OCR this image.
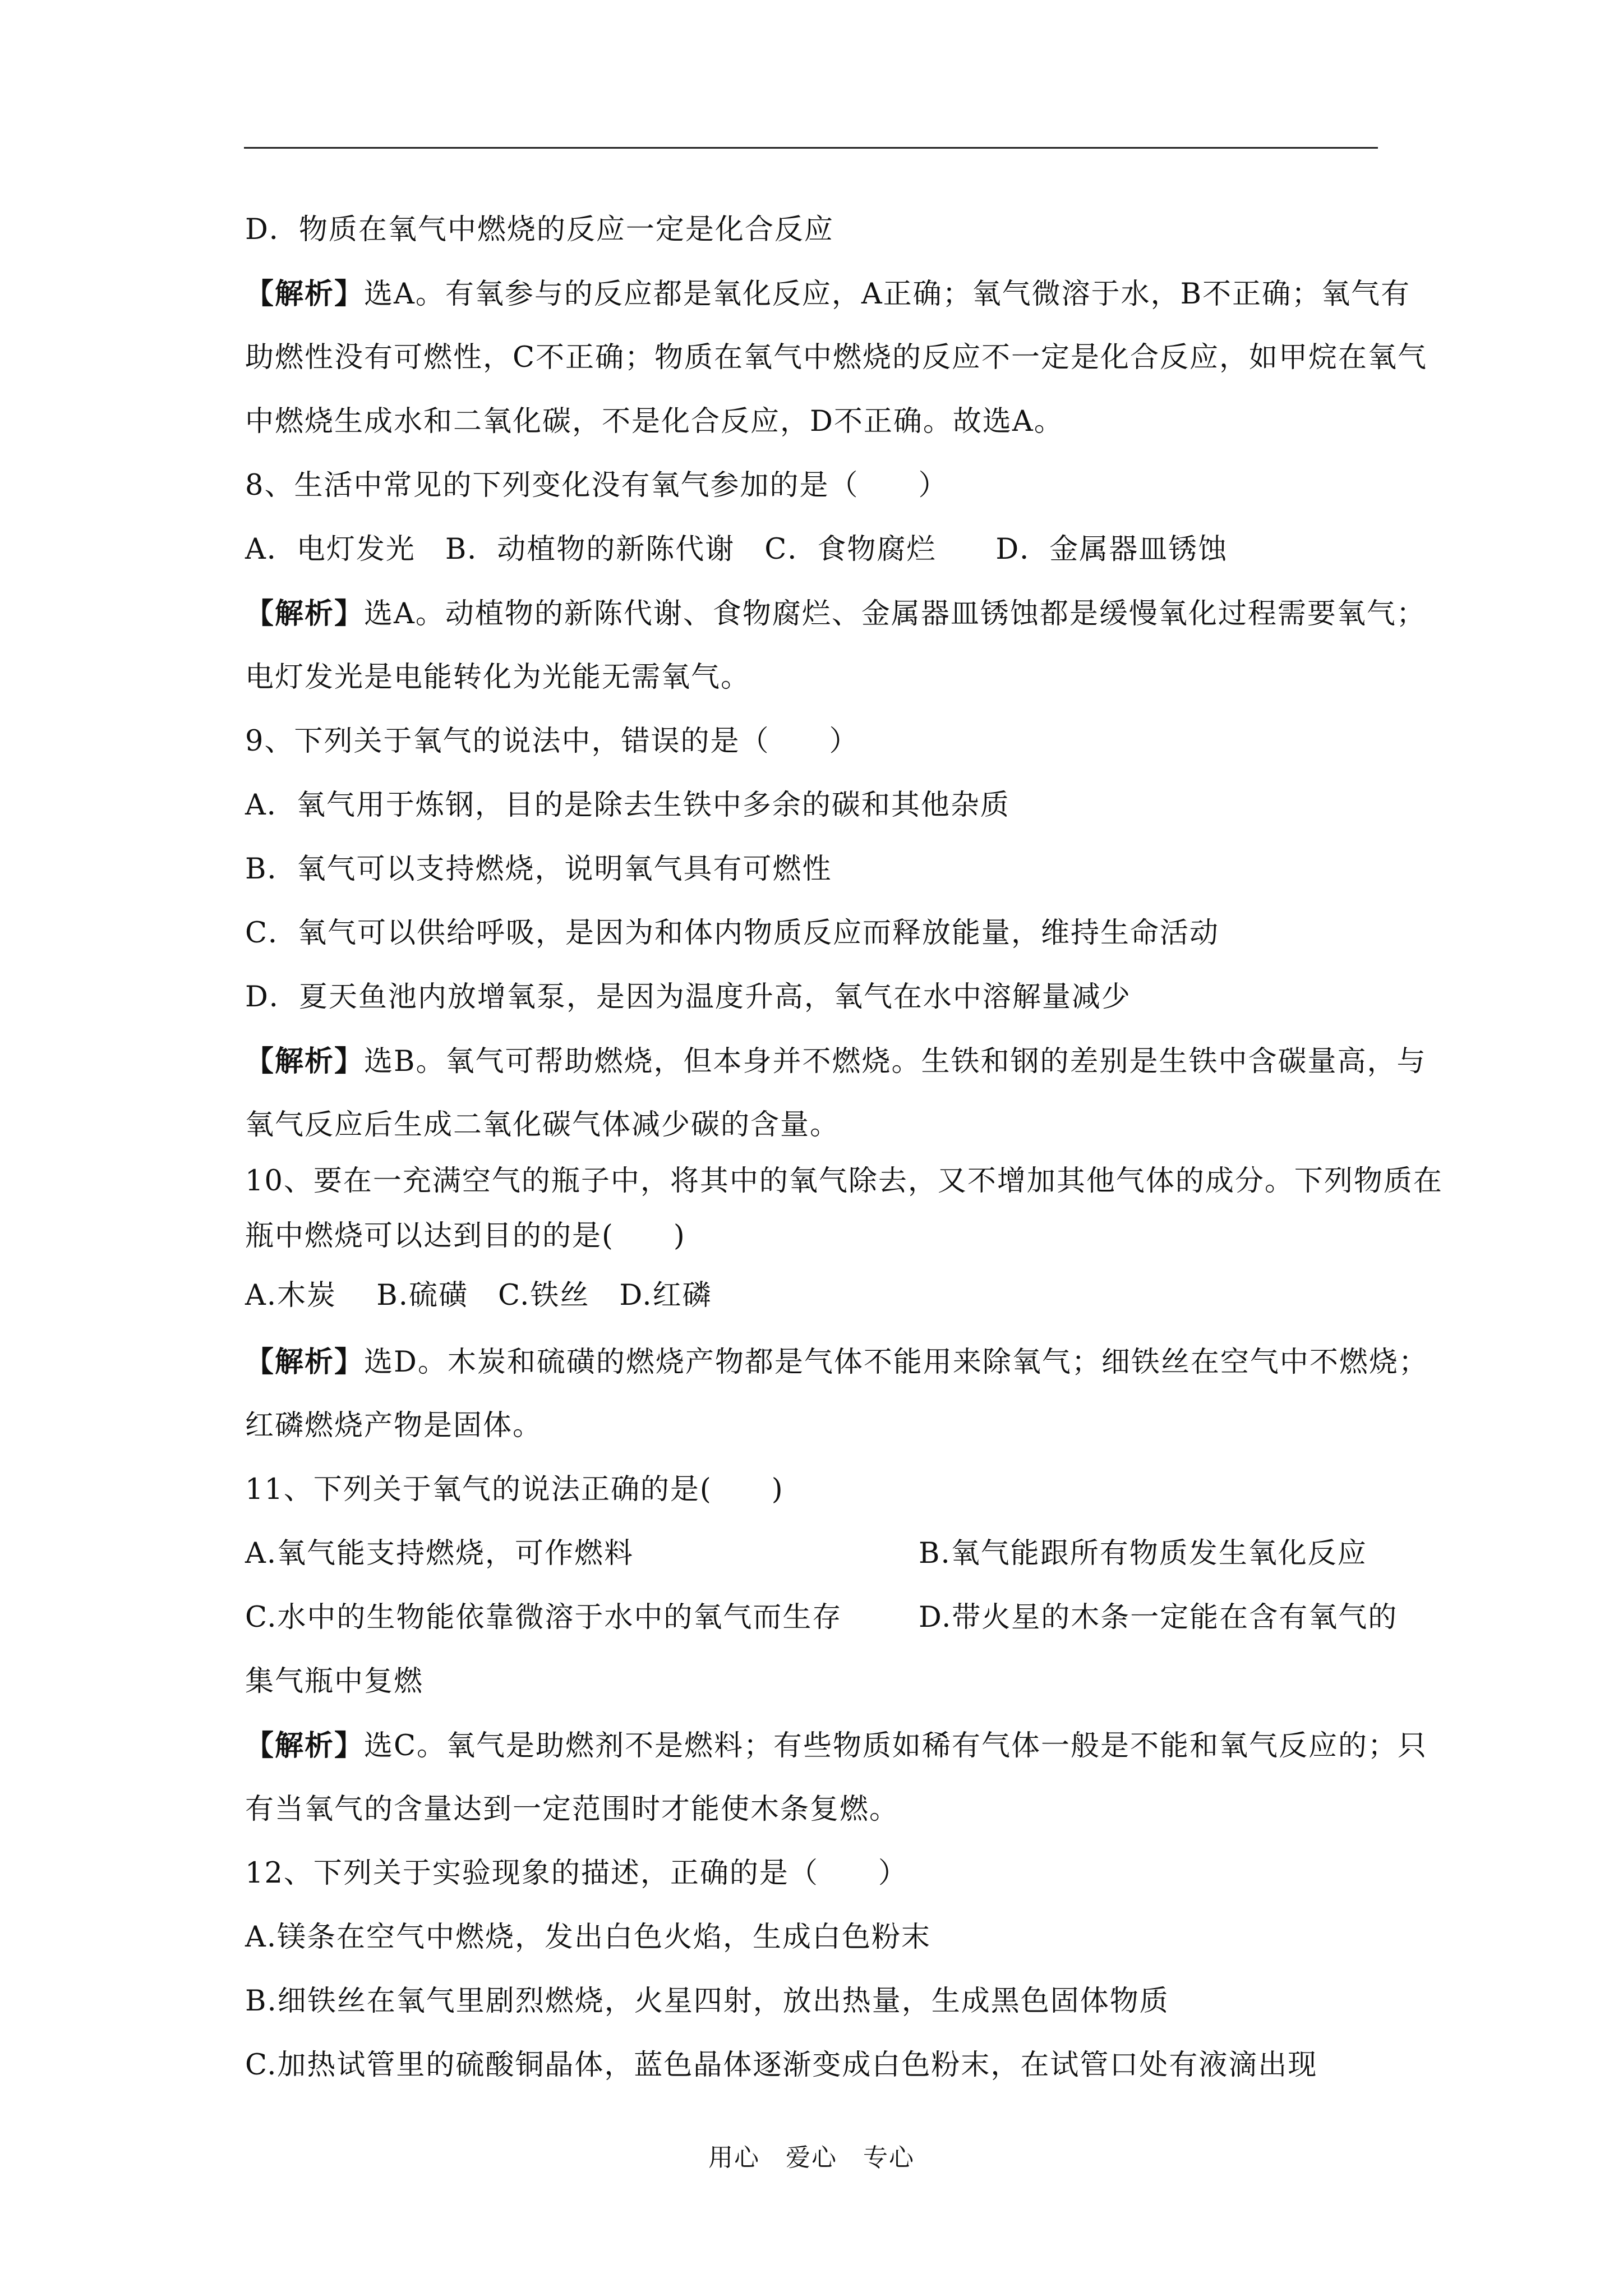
D．物质在氧气中燃烧的反应一定是化合反应
【解析】选A。有氧参与的反应都是氧化反应，A正确；氧气微溶于水，B不正确；氧气有
助燃性没有可燃性，C不正确；物质在氧气中燃烧的反应不一定是化合反应，如甲烷在氧气
中燃烧生成水和二氧化碳，不是化合反应，D不正确。故选A。
8、生活中常见的下列变化没有氧气参加的是（　　）
A．电灯发光　B．动植物的新陈代谢　C．食物腐烂　　D．金属器皿锈蚀
【解析】选A。动植物的新陈代谢、食物腐烂、金属器皿锈蚀都是缓慢氧化过程需要氧气；
电灯发光是电能转化为光能无需氧气。
9、下列关于氧气的说法中，错误的是（　　）
A．氧气用于炼钢，目的是除去生铁中多余的碳和其他杂质
B．氧气可以支持燃烧，说明氧气具有可燃性
C．氧气可以供给呼吸，是因为和体内物质反应而释放能量，维持生命活动
D．夏天鱼池内放增氧泵，是因为温度升高，氧气在水中溶解量减少
【解析】选B。氧气可帮助燃烧，但本身并不燃烧。生铁和钢的差别是生铁中含碳量高，与
氧气反应后生成二氧化碳气体减少碳的含量。
10、要在一充满空气的瓶子中，将其中的氧气除去，又不增加其他气体的成分。下列物质在
瓶中燃烧可以达到目的的是(　　)
A.木炭　 B.硫磺　C.铁丝　D.红磷
【解析】选D。木炭和硫磺的燃烧产物都是气体不能用来除氧气；细铁丝在空气中不燃烧；
红磷燃烧产物是固体。
11、下列关于氧气的说法正确的是(　　)
A.氧气能支持燃烧，可作燃料	B.氧气能跟所有物质发生氧化反应
C.水中的生物能依靠微溶于水中的氧气而生存	D.带火星的木条一定能在含有氧气的
集气瓶中复燃
【解析】选C。氧气是助燃剂不是燃料；有些物质如稀有气体一般是不能和氧气反应的；只
有当氧气的含量达到一定范围时才能使木条复燃。
12、下列关于实验现象的描述，正确的是（　　）
A.镁条在空气中燃烧，发出白色火焰，生成白色粉末
B.细铁丝在氧气里剧烈燃烧，火星四射，放出热量，生成黑色固体物质
C.加热试管里的硫酸铜晶体，蓝色晶体逐渐变成白色粉末，在试管口处有液滴出现
用心　爱心　专心
